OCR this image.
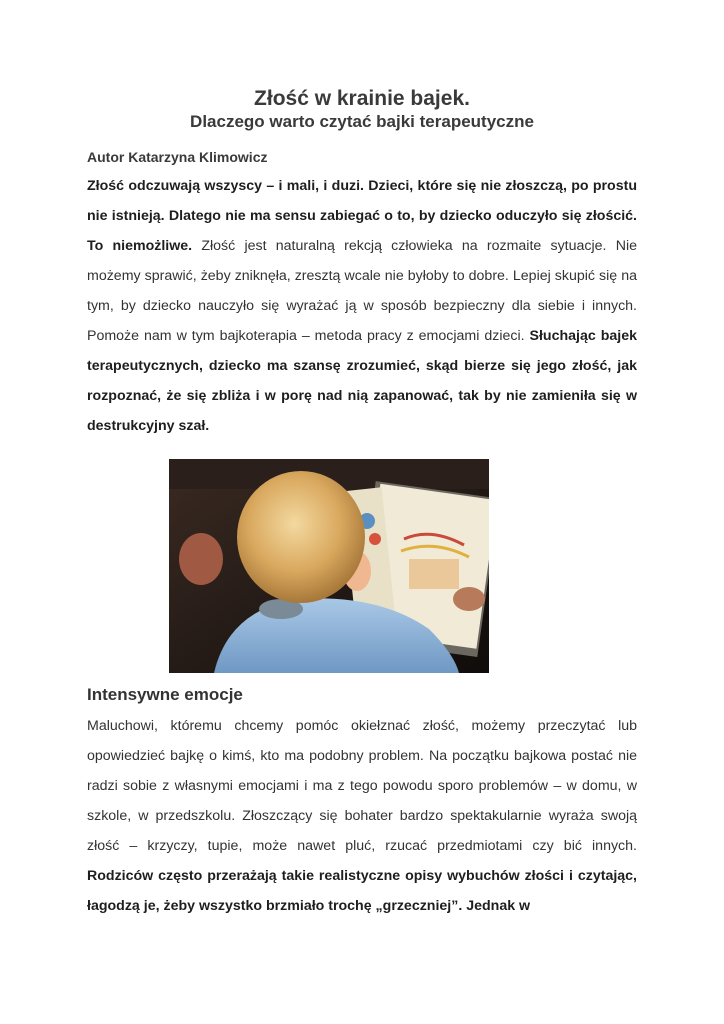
Złość w krainie bajek.
Dlaczego warto czytać bajki terapeutyczne
Autor Katarzyna Klimowicz

Złość odczuwają wszyscy – i mali, i duzi. Dzieci, które się nie złoszczą, po prostu nie istnieją. Dlatego nie ma sensu zabiegać o to, by dziecko oduczyło się złościć. To niemożliwe. Złość jest naturalną rekcją człowieka na rozmaite sytuacje. Nie możemy sprawić, żeby zniknęła, zresztą wcale nie byłoby to dobre. Lepiej skupić się na tym, by dziecko nauczyło się wyrażać ją w sposób bezpieczny dla siebie i innych. Pomoże nam w tym bajkoterapia – metoda pracy z emocjami dzieci. Słuchając bajek terapeutycznych, dziecko ma szansę zrozumieć, skąd bierze się jego złość, jak rozpoznać, że się zbliża i w porę nad nią zapanować, tak by nie zamieniła się w destrukcyjny szał.

Intensywne emocje

Maluchowi, któremu chcemy pomóc okiełznać złość, możemy przeczytać lub opowiedzieć bajkę o kimś, kto ma podobny problem. Na początku bajkowa postać nie radzi sobie z własnymi emocjami i ma z tego powodu sporo problemów – w domu, w szkole, w przedszkolu. Złoszczący się bohater bardzo spektakularnie wyraża swoją złość – krzyczy, tupie, może nawet pluć, rzucać przedmiotami czy bić innych. Rodziców często przerażają takie realistyczne opisy wybuchów złości i czytając, łagodzą je, żeby wszystko brzmiało trochę „grzeczniej”. Jednak w
